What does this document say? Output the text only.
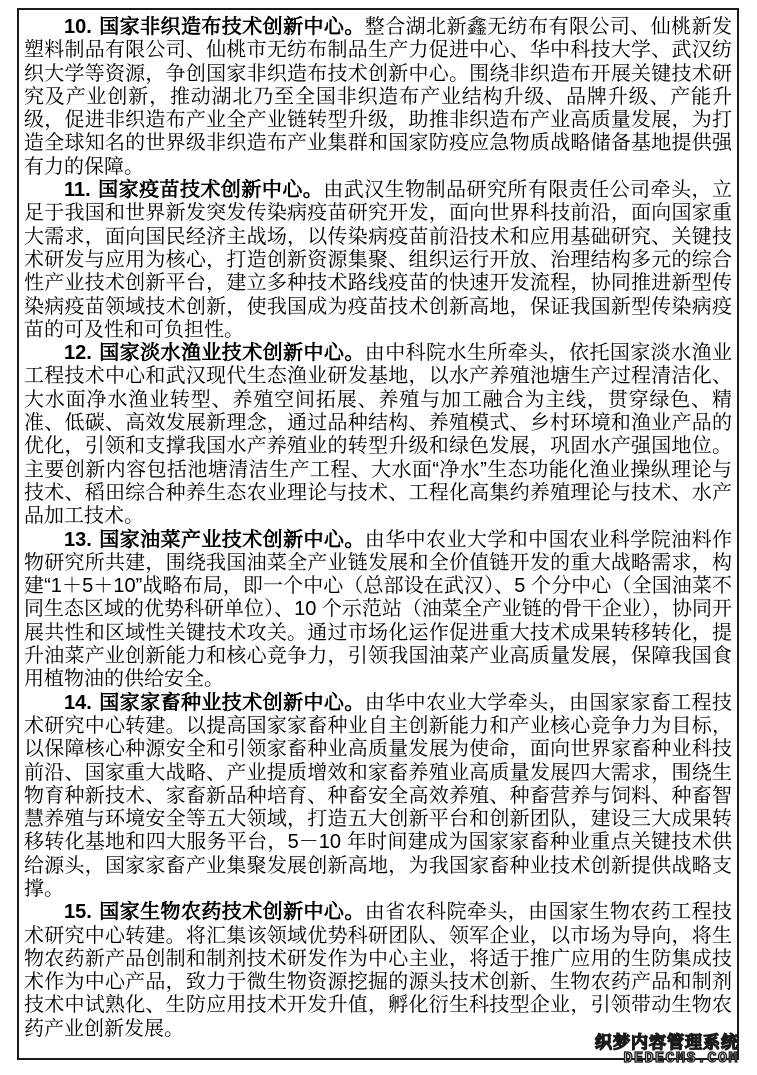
10. 国家非织造布技术创新中心。整合湖北新鑫无纺布有限公司、仙桃新发塑料制品有限公司、仙桃市无纺布制品生产力促进中心、华中科技大学、武汉纺织大学等资源，争创国家非织造布技术创新中心。围绕非织造布开展关键技术研究及产业创新，推动湖北乃至全国非织造布产业结构升级、品牌升级、产能升级，促进非织造布产业全产业链转型升级，助推非织造布产业高质量发展，为打造全球知名的世界级非织造布产业集群和国家防疫应急物质战略储备基地提供强有力的保障。

11. 国家疫苗技术创新中心。由武汉生物制品研究所有限责任公司牵头，立足于我国和世界新发突发传染病疫苗研究开发，面向世界科技前沿，面向国家重大需求，面向国民经济主战场，以传染病疫苗前沿技术和应用基础研究、关键技术研发与应用为核心，打造创新资源集聚、组织运行开放、治理结构多元的综合性产业技术创新平台，建立多种技术路线疫苗的快速开发流程，协同推进新型传染病疫苗领域技术创新，使我国成为疫苗技术创新高地，保证我国新型传染病疫苗的可及性和可负担性。

12. 国家淡水渔业技术创新中心。由中科院水生所牵头，依托国家淡水渔业工程技术中心和武汉现代生态渔业研发基地，以水产养殖池塘生产过程清洁化、大水面净水渔业转型、养殖空间拓展、养殖与加工融合为主线，贯穿绿色、精准、低碳、高效发展新理念，通过品种结构、养殖模式、乡村环境和渔业产品的优化，引领和支撑我国水产养殖业的转型升级和绿色发展，巩固水产强国地位。主要创新内容包括池塘清洁生产工程、大水面“净水”生态功能化渔业操纵理论与技术、稻田综合种养生态农业理论与技术、工程化高集约养殖理论与技术、水产品加工技术。

13. 国家油菜产业技术创新中心。由华中农业大学和中国农业科学院油料作物研究所共建，围绕我国油菜全产业链发展和全价值链开发的重大战略需求，构建“1＋5＋10”战略布局，即一个中心（总部设在武汉）、5 个分中心（全国油菜不同生态区域的优势科研单位）、10 个示范站（油菜全产业链的骨干企业），协同开展共性和区域性关键技术攻关。通过市场化运作促进重大技术成果转移转化，提升油菜产业创新能力和核心竞争力，引领我国油菜产业高质量发展，保障我国食用植物油的供给安全。

14. 国家家畜种业技术创新中心。由华中农业大学牵头，由国家家畜工程技术研究中心转建。以提高国家家畜种业自主创新能力和产业核心竞争力为目标，以保障核心种源安全和引领家畜种业高质量发展为使命，面向世界家畜种业科技前沿、国家重大战略、产业提质增效和家畜养殖业高质量发展四大需求，围绕生物育种新技术、家畜新品种培育、种畜安全高效养殖、种畜营养与饲料、种畜智慧养殖与环境安全等五大领域，打造五大创新平台和创新团队，建设三大成果转移转化基地和四大服务平台，5－10 年时间建成为国家家畜种业重点关键技术供给源头，国家家畜产业集聚发展创新高地，为我国家畜种业技术创新提供战略支撑。

15. 国家生物农药技术创新中心。由省农科院牵头，由国家生物农药工程技术研究中心转建。将汇集该领域优势科研团队、领军企业，以市场为导向，将生物农药新产品创制和制剂技术研发作为中心主业，将适于推广应用的生防集成技术作为中心产品，致力于微生物资源挖掘的源头技术创新、生物农药产品和制剂技术中试熟化、生防应用技术开发升值，孵化衍生科技型企业，引领带动生物农药产业创新发展。

织梦内容管理系统
DEDECMS.COM
